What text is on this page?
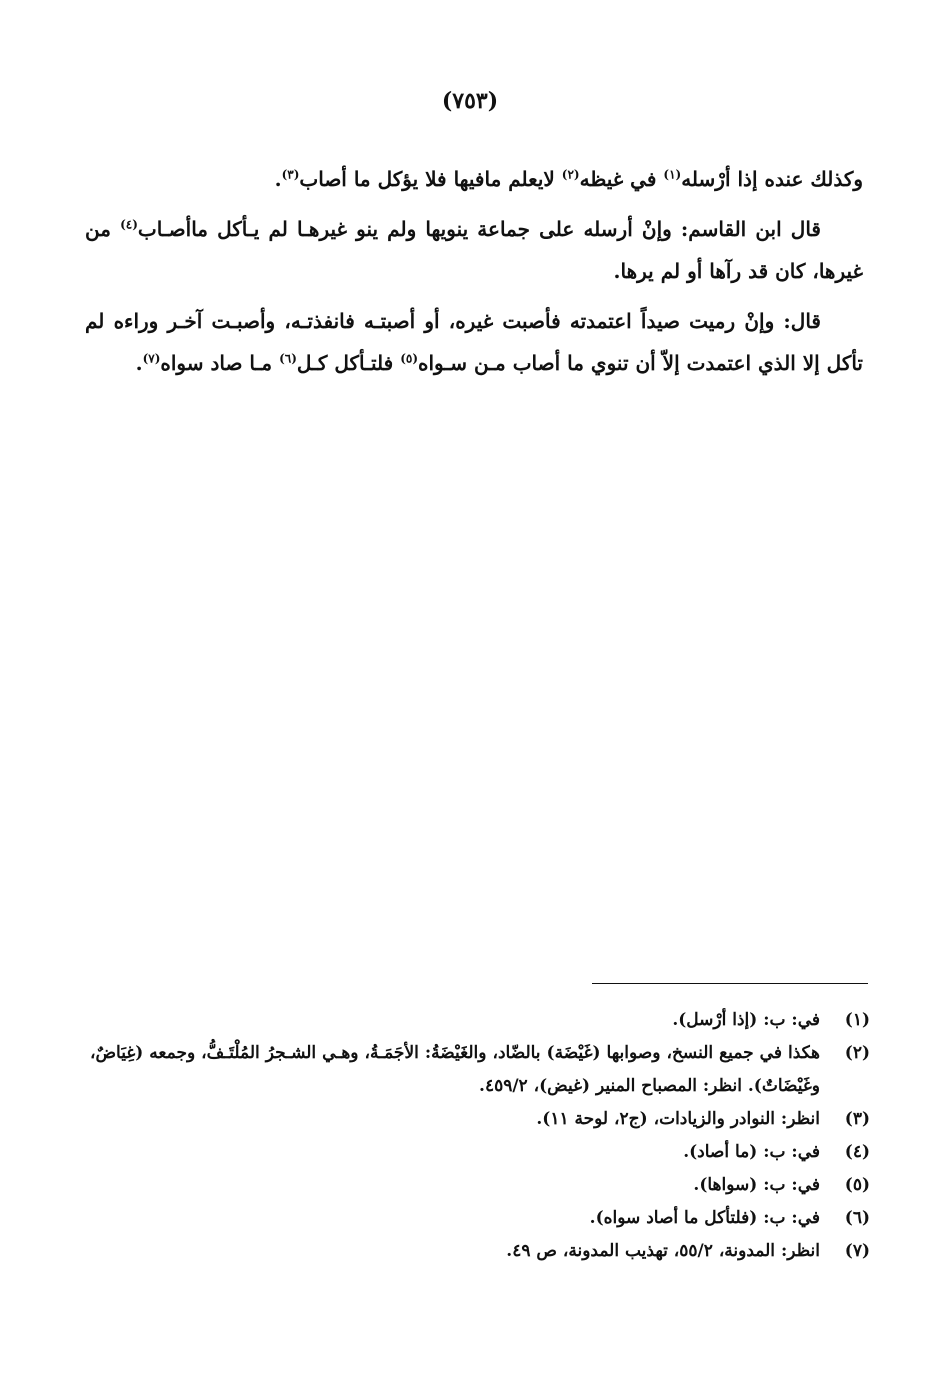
(٧٥٣)

وكذلك عنده إذا أرْسله$^{(١)}$ في غيظه$^{(٢)}$ لايعلم مافيها فلا يؤكل ما أصاب$^{(٣)}$.

قال ابن القاسم: وإنْ أرسله على جماعة ينويها ولم ينو غيرهـا لم يـأكل ماأصـاب$^{(٤)}$ من غيرها، كان قد رآها أو لم يرها.

قال: وإنْ رميت صيداً اعتمدته فأصبت غيره، أو أصبتـه فانفذتـه، وأصبـت آخـر وراءه لم تأكل إلا الذي اعتمدت إلاّ أن تنوي ما أصاب مـن سـواه$^{(٥)}$ فلتـأكل كـل$^{(٦)}$ مـا صاد سواه$^{(٧)}$.

(١)
في: ب: (إذا أرْسل).
(٢)
هكذا في جميع النسخ، وصوابها (غَيْضَة) بالضّاد، والغَيْضَةُ: الأجَمَـةُ، وهـي الشـجرُ المُلْتَـفُّ، وجمعه (غِيَاضٌ، وغَيْضَاتٌ). انظر: المصباح المنير (غيض)، ٤٥٩/٢.
(٣)
انظر: النوادر والزيادات، (ج٢، لوحة ١١).
(٤)
في: ب: (ما أصاد).
(٥)
في: ب: (سواها).
(٦)
في: ب: (فلتأكل ما أصاد سواه).
(٧)
انظر: المدونة، ٥٥/٢، تهذيب المدونة، ص ٤٩.
